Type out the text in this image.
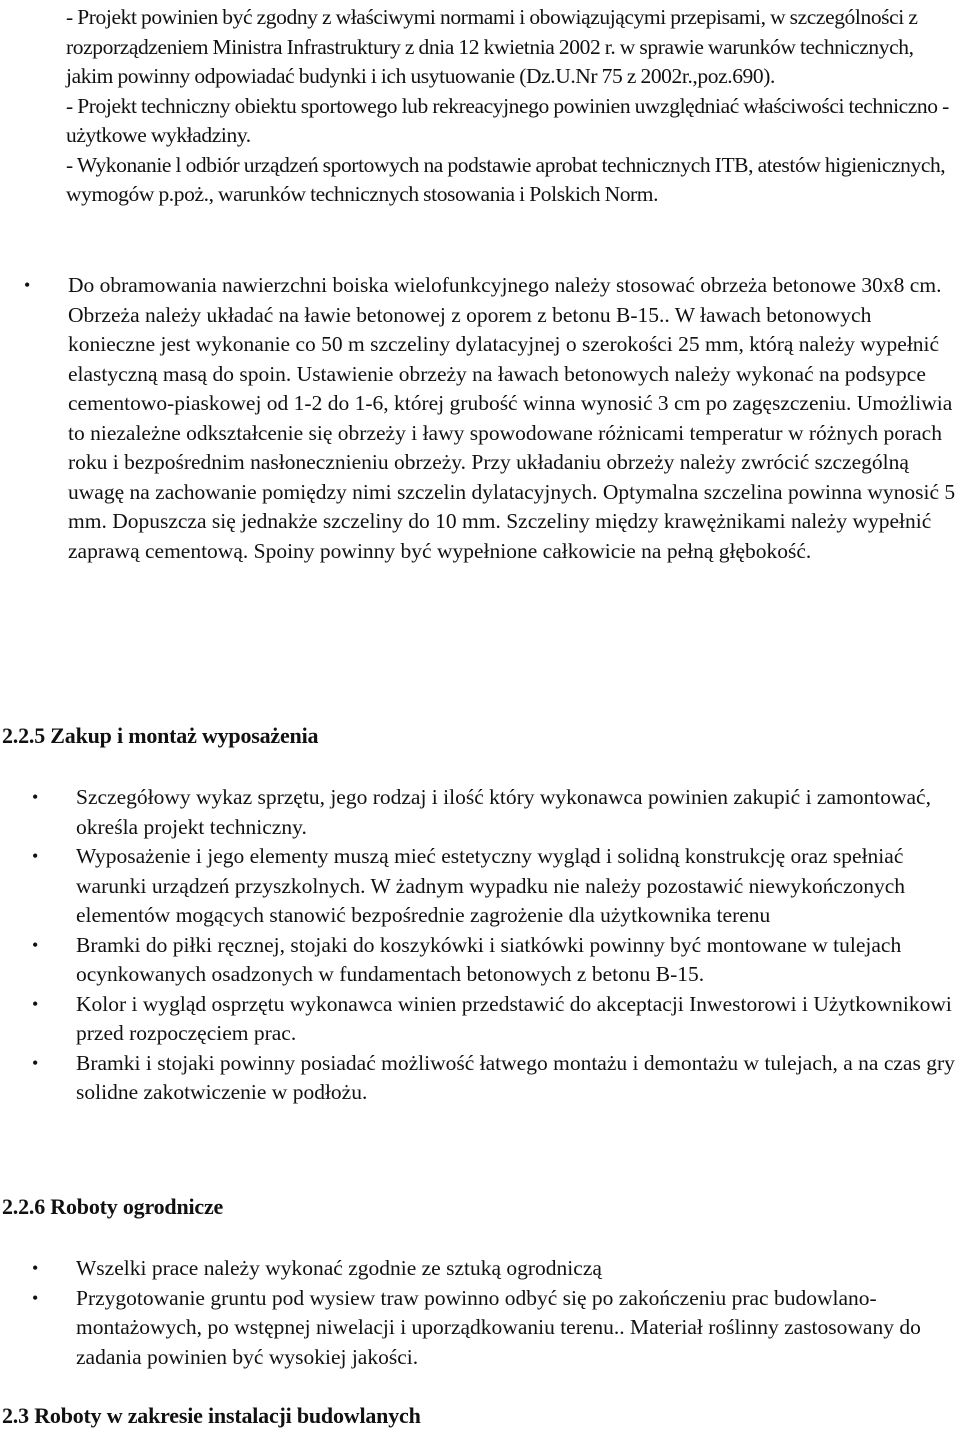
- Projekt powinien być zgodny z właściwymi normami i obowiązującymi przepisami, w szczególności z rozporządzeniem Ministra Infrastruktury z dnia 12 kwietnia 2002 r. w sprawie warunków technicznych, jakim powinny odpowiadać budynki i ich usytuowanie (Dz.U.Nr 75 z 2002r.,poz.690).

- Projekt techniczny obiektu sportowego lub rekreacyjnego powinien uwzględniać właściwości techniczno - użytkowe wykładziny.

- Wykonanie l odbiór urządzeń sportowych na podstawie aprobat technicznych ITB, atestów higienicznych, wymogów p.poż., warunków technicznych stosowania i Polskich Norm.

• Do obramowania nawierzchni boiska wielofunkcyjnego należy stosować obrzeża betonowe 30x8 cm. Obrzeża należy układać na ławie betonowej z oporem z betonu B-15.. W ławach betonowych konieczne jest wykonanie co 50 m szczeliny dylatacyjnej o szerokości 25 mm, którą należy wypełnić elastyczną masą do spoin. Ustawienie obrzeży na ławach betonowych należy wykonać na podsypce cementowo-piaskowej od 1-2 do 1-6, której grubość winna wynosić 3 cm po zagęszczeniu. Umożliwia to niezależne odkształcenie się obrzeży i ławy spowodowane różnicami temperatur w różnych porach roku i bezpośrednim nasłonecznieniu obrzeży. Przy układaniu obrzeży należy zwrócić szczególną uwagę na zachowanie pomiędzy nimi szczelin dylatacyjnych. Optymalna szczelina powinna wynosić 5 mm. Dopuszcza się jednakże szczeliny do 10 mm. Szczeliny między krawężnikami należy wypełnić zaprawą cementową. Spoiny powinny być wypełnione całkowicie na pełną głębokość.
2.2.5 Zakup i montaż wyposażenia
• Szczegółowy wykaz sprzętu, jego rodzaj i ilość który wykonawca powinien zakupić i zamontować, określa projekt techniczny.
• Wyposażenie i jego elementy muszą mieć estetyczny wygląd i solidną konstrukcję oraz spełniać warunki urządzeń przyszkolnych. W żadnym wypadku nie należy pozostawić niewykończonych elementów mogących stanowić bezpośrednie zagrożenie dla użytkownika terenu
• Bramki do piłki ręcznej, stojaki do koszykówki i siatkówki powinny być montowane w tulejach ocynkowanych osadzonych w fundamentach betonowych z betonu B-15.
• Kolor i wygląd osprzętu wykonawca winien przedstawić do akceptacji Inwestorowi i Użytkownikowi przed rozpoczęciem prac.
• Bramki i stojaki powinny posiadać możliwość łatwego montażu i demontażu w tulejach, a na czas gry solidne zakotwiczenie w podłożu.
2.2.6 Roboty ogrodnicze
• Wszelki prace należy wykonać zgodnie ze sztuką ogrodniczą
• Przygotowanie gruntu pod wysiew traw powinno odbyć się po zakończeniu prac budowlano-montażowych, po wstępnej niwelacji i uporządkowaniu terenu.. Materiał roślinny zastosowany do zadania powinien być wysokiej jakości.
2.3 Roboty w zakresie instalacji budowlanych
